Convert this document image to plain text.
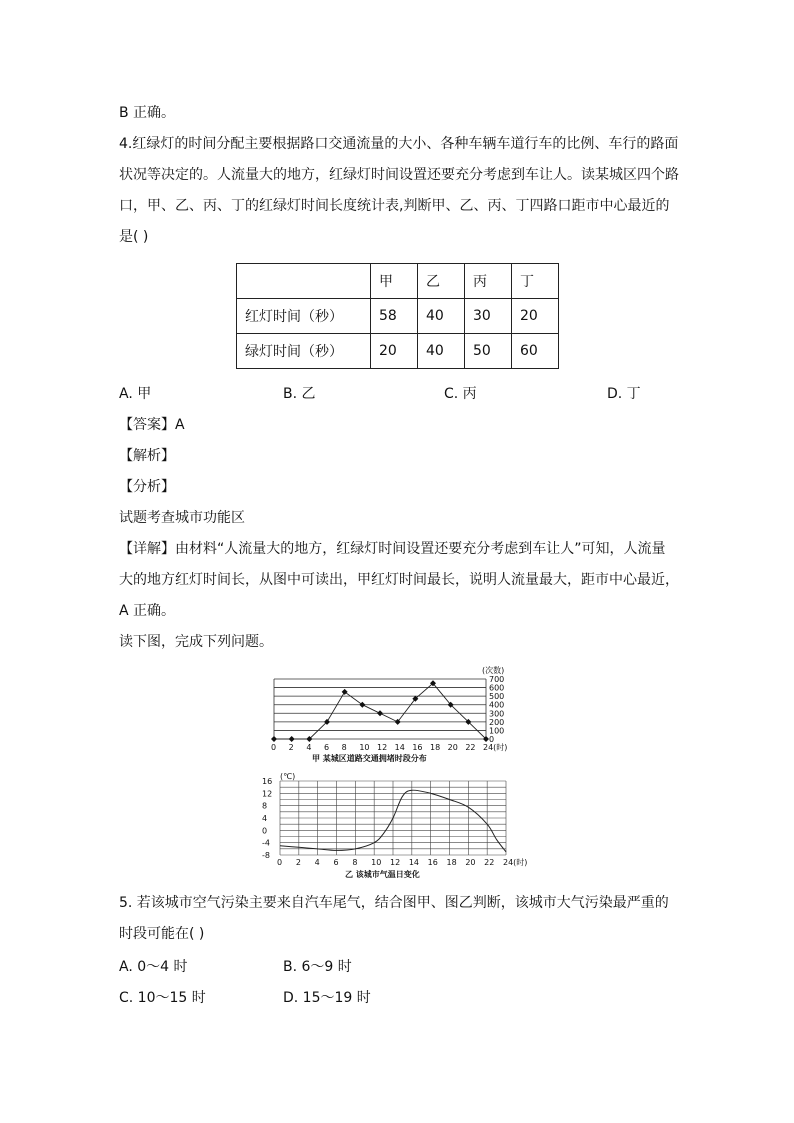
B 正确。
4.红绿灯的时间分配主要根据路口交通流量的大小、各种车辆车道行车的比例、车行的路面
状况等决定的。人流量大的地方，红绿灯时间设置还要充分考虑到车让人。读某城区四个路
口，甲、乙、丙、丁的红绿灯时间长度统计表,判断甲、乙、丙、丁四路口距市中心最近的
是( )
	甲	乙	丙	丁
红灯时间（秒）	58	40	30	20
绿灯时间（秒）	20	40	50	60
A. 甲	B. 乙	C. 丙	D. 丁
【答案】A
【解析】
【分析】
试题考查城市功能区
【详解】由材料“人流量大的地方，红绿灯时间设置还要充分考虑到车让人”可知，人流量
大的地方红灯时间长，从图中可读出，甲红灯时间最长，说明人流量最大，距市中心最近，
A 正确。
读下图，完成下列问题。
0
100
200
300
400
500
600
700
(次数)
0 2 4 6 8 10 12 14 16 18 20 22 24(时)
甲 某城区道路交通拥堵时段分布
(℃)
16
12
8
4
0
-4
-8
0 2 4 6 8 10 12 14 16 18 20 22 24(时)
乙 该城市气温日变化
5. 若该城市空气污染主要来自汽车尾气，结合图甲、图乙判断，该城市大气污染最严重的
时段可能在( )
A. 0～4 时	B. 6～9 时
C. 10～15 时	D. 15～19 时
